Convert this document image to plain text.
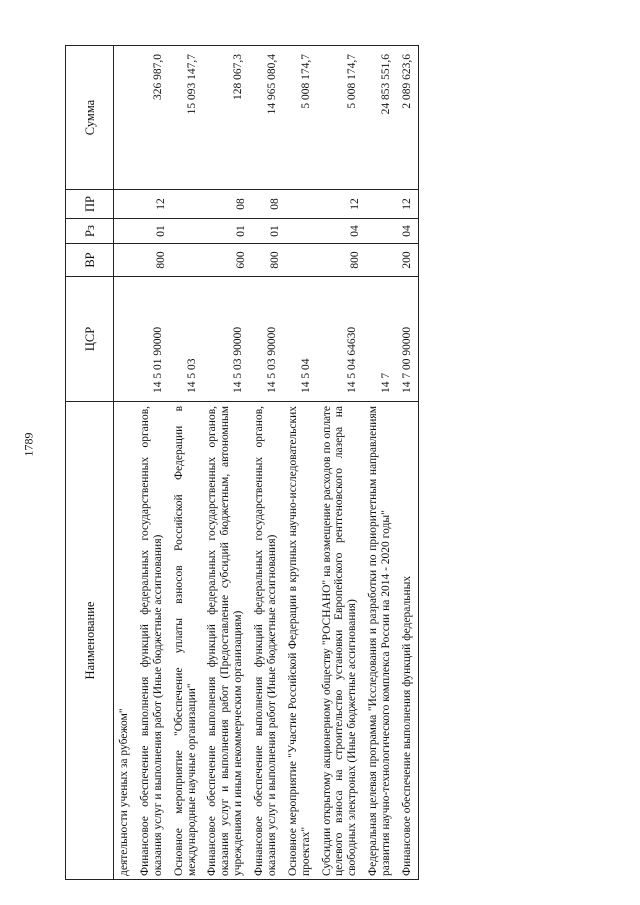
1789
Наименование	ЦСР	ВР	Рз	ПР	Сумма
деятельности ученых за рубежом"					
Финансовое обеспечение выполнения функций федеральных государственных органов, оказания услуг и выполнения работ (Иные бюджетные ассигнования)	14 5 01 90000	800	01	12	326 987,0
Основное мероприятие "Обеспечение уплаты взносов Российской Федерации в международные научные организации"	14 5 03				15 093 147,7
Финансовое обеспечение выполнения функций федеральных государственных органов, оказания услуг и выполнения работ (Предоставление субсидий бюджетным, автономным учреждениям и иным некоммерческим организациям)	14 5 03 90000	600	01	08	128 067,3
Финансовое обеспечение выполнения функций федеральных государственных органов, оказания услуг и выполнения работ (Иные бюджетные ассигнования)	14 5 03 90000	800	01	08	14 965 080,4
Основное мероприятие "Участие Российской Федерации в крупных научно-исследовательских проектах"	14 5 04				5 008 174,7
Субсидии открытому акционерному обществу "РОСНАНО" на возмещение расходов по оплате целевого взноса на строительство установки Европейского рентгеновского лазера на свободных электронах (Иные бюджетные ассигнования)	14 5 04 64630	800	04	12	5 008 174,7
Федеральная целевая программа "Исследования и разработки по приоритетным направлениям развития научно-технологического комплекса России на 2014 - 2020 годы"	14 7				24 853 551,6
Финансовое обеспечение выполнения функций федеральных	14 7 00 90000	200	04	12	2 089 623,6
